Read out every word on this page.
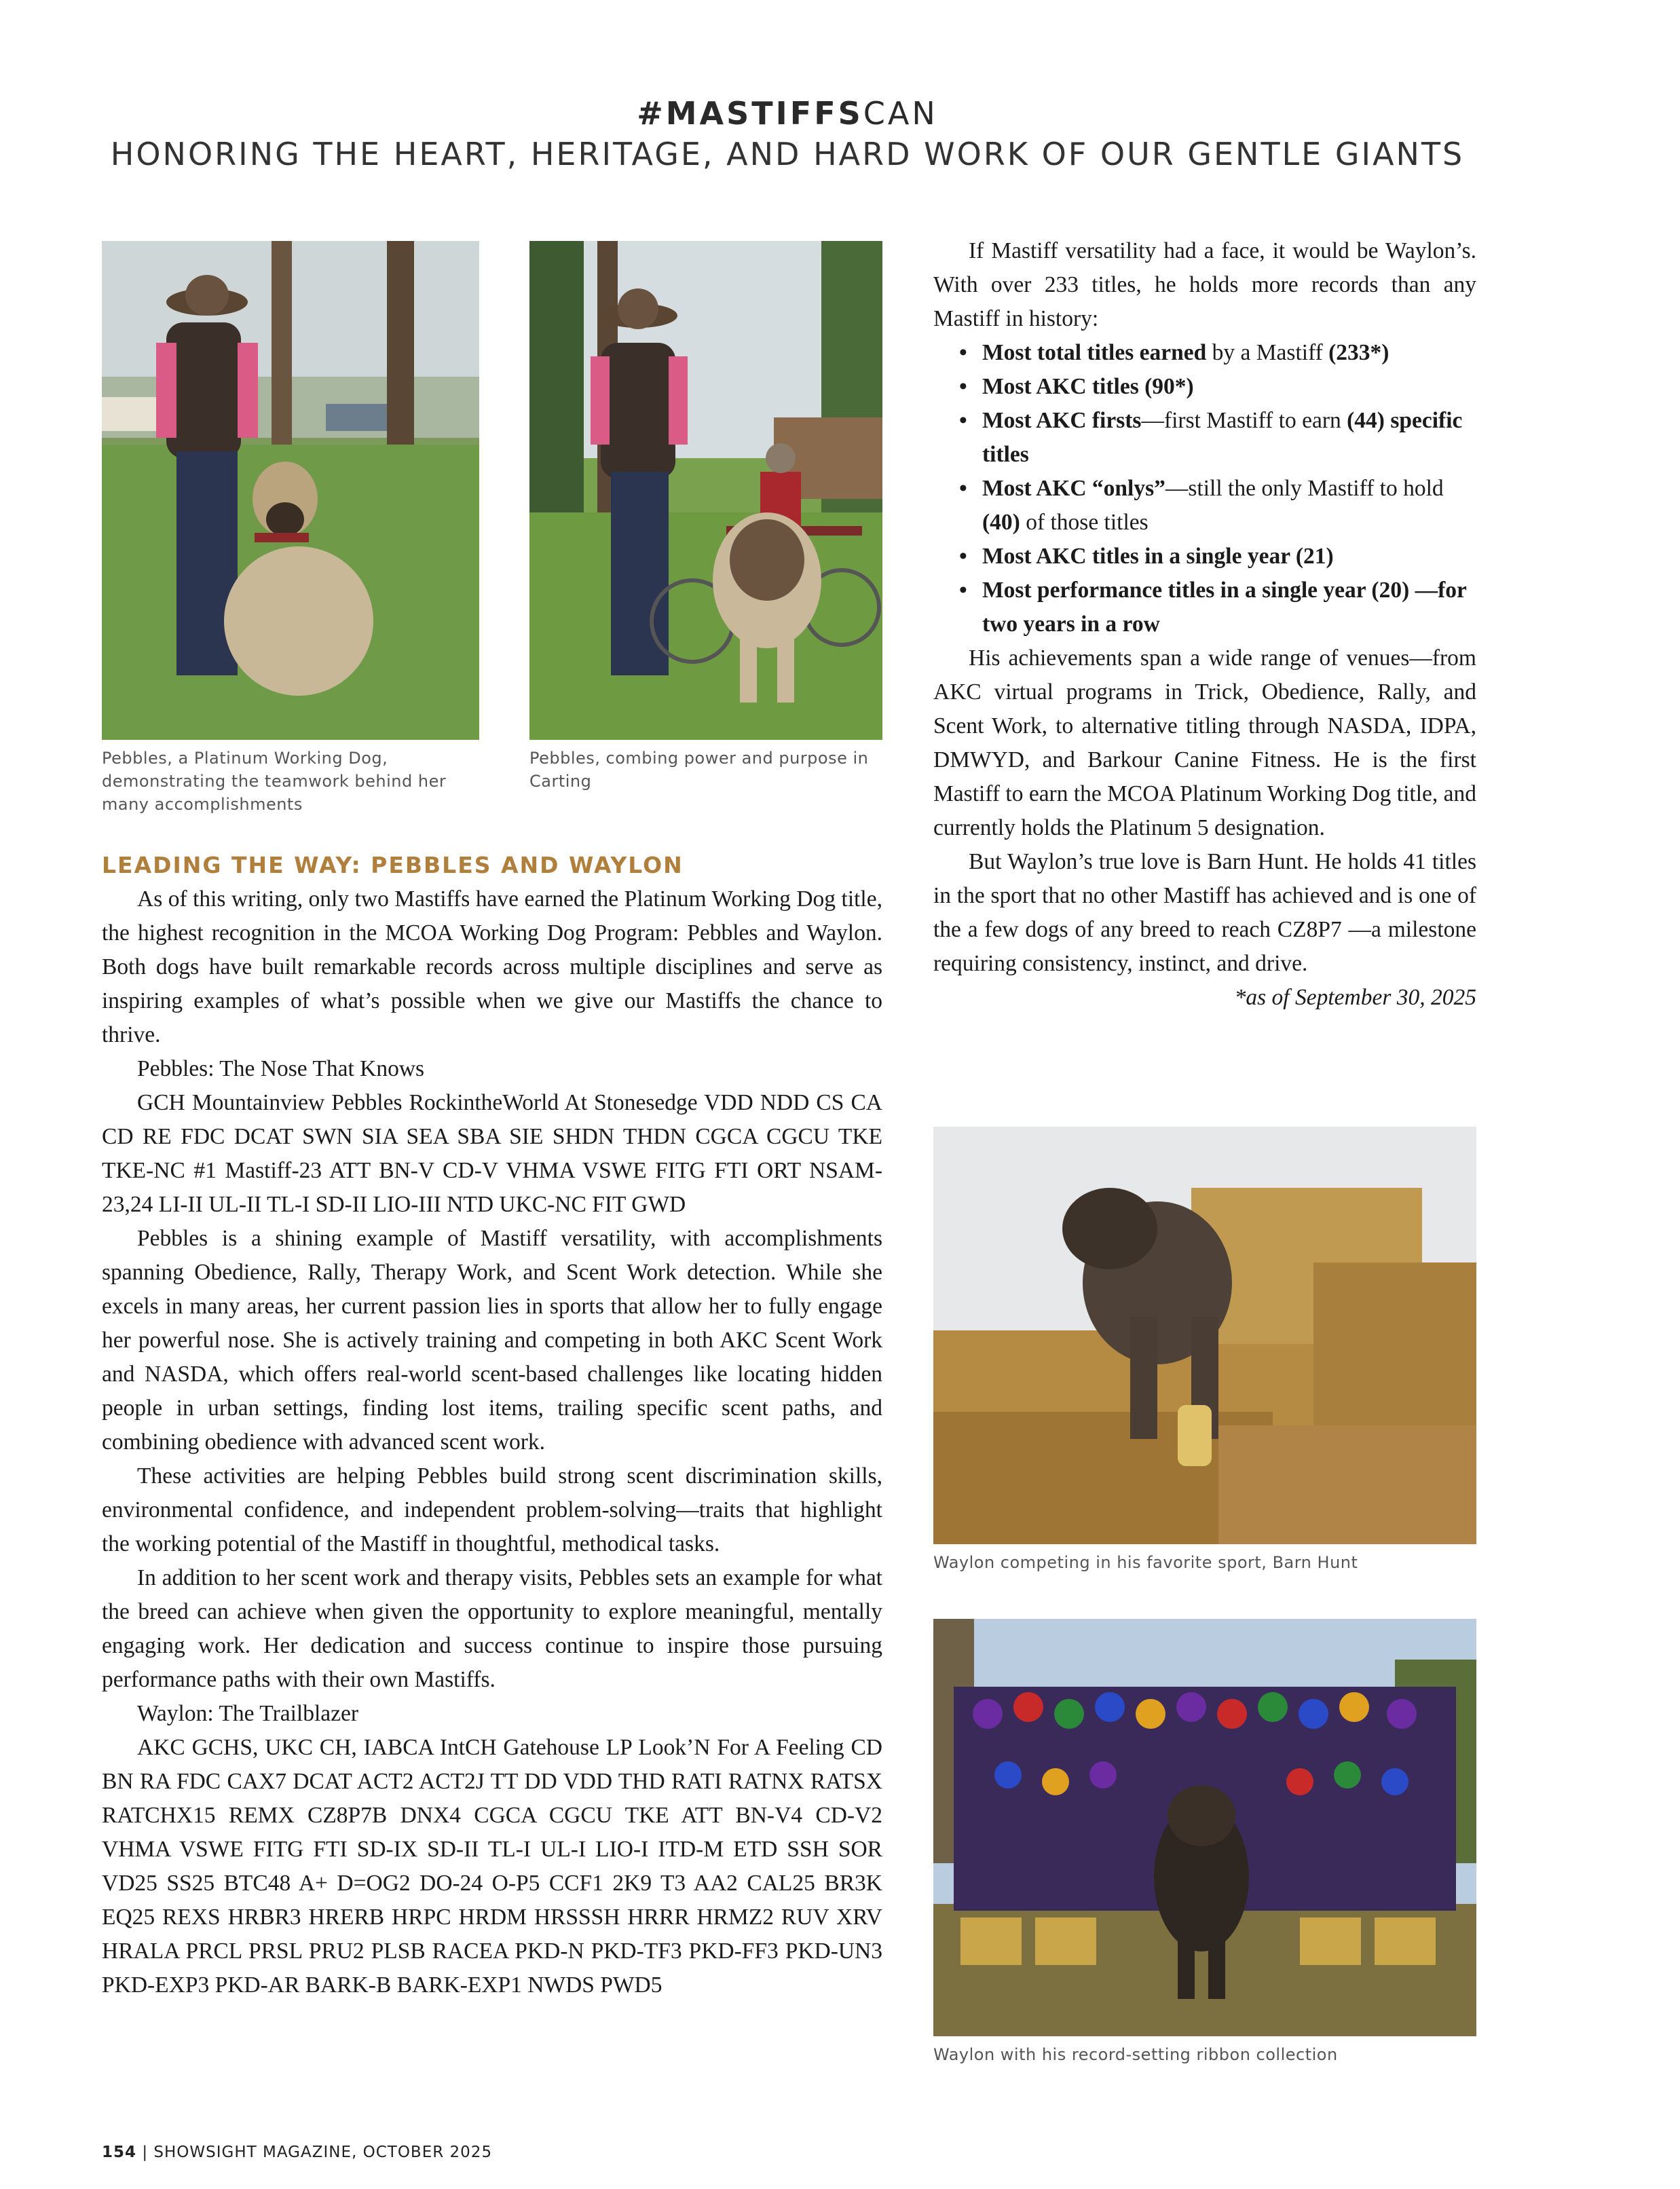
#MASTIFFSCAN
HONORING THE HEART, HERITAGE, AND HARD WORK OF OUR GENTLE GIANTS
Pebbles, a Platinum Working Dog, demonstrating the teamwork behind her many accomplishments
Pebbles, combing power and purpose in Carting
LEADING THE WAY: PEBBLES AND WAYLON

As of this writing, only two Mastiffs have earned the Platinum Working Dog title, the highest recognition in the MCOA Working Dog Program: Pebbles and Waylon. Both dogs have built remarkable records across multiple disciplines and serve as inspiring examples of what’s possible when we give our Mastiffs the chance to thrive.

Pebbles: The Nose That Knows

GCH Mountainview Pebbles RockintheWorld At Stonesedge VDD NDD CS CA CD RE FDC DCAT SWN SIA SEA SBA SIE SHDN THDN CGCA CGCU TKE TKE-NC #1 Mastiff-23 ATT BN-V CD-V VHMA VSWE FITG FTI ORT NSAM-23,24 LI-II UL-II TL-I SD-II LIO-III NTD UKC-NC FIT GWD

Pebbles is a shining example of Mastiff versatility, with accomplishments spanning Obedience, Rally, Therapy Work, and Scent Work detection. While she excels in many areas, her current passion lies in sports that allow her to fully engage her powerful nose. She is actively training and competing in both AKC Scent Work and NASDA, which offers real-world scent-based challenges like locating hidden people in urban settings, finding lost items, trailing specific scent paths, and combining obedience with advanced scent work.

These activities are helping Pebbles build strong scent discrimination skills, environmental confidence, and independent problem-solving—traits that highlight the working potential of the Mastiff in thoughtful, methodical tasks.

In addition to her scent work and therapy visits, Pebbles sets an example for what the breed can achieve when given the opportunity to explore meaningful, mentally engaging work. Her dedication and success continue to inspire those pursuing performance paths with their own Mastiffs.

Waylon: The Trailblazer

AKC GCHS, UKC CH, IABCA IntCH Gatehouse LP Look’N For A Feeling CD BN RA FDC CAX7 DCAT ACT2 ACT2J TT DD VDD THD RATI RATNX RATSX RATCHX15 REMX CZ8P7B DNX4 CGCA CGCU TKE ATT BN-V4 CD-V2 VHMA VSWE FITG FTI SD-IX SD-II TL-I UL-I LIO-I ITD-M ETD SSH SOR VD25 SS25 BTC48 A+ D=OG2 DO-24 O-P5 CCF1 2K9 T3 AA2 CAL25 BR3K EQ25 REXS HRBR3 HRERB HRPC HRDM HRSSSH HRRR HRMZ2 RUV XRV HRALA PRCL PRSL PRU2 PLSB RACEA PKD-N PKD-TF3 PKD-FF3 PKD-UN3 PKD-EXP3 PKD-AR BARK-B BARK-EXP1 NWDS PWD5

If Mastiff versatility had a face, it would be Waylon’s. With over 233 titles, he holds more records than any Mastiff in history:

• Most total titles earned by a Mastiff (233*)
• Most AKC titles (90*)
• Most AKC firsts—first Mastiff to earn (44) specific titles
• Most AKC “onlys”—still the only Mastiff to hold (40) of those titles
• Most AKC titles in a single year (21)
• Most performance titles in a single year (20) —for two years in a row

His achievements span a wide range of venues—from AKC virtual programs in Trick, Obedience, Rally, and Scent Work, to alternative titling through NASDA, IDPA, DMWYD, and Barkour Canine Fitness. He is the first Mastiff to earn the MCOA Platinum Working Dog title, and currently holds the Platinum 5 designation.

But Waylon’s true love is Barn Hunt. He holds 41 titles in the sport that no other Mastiff has achieved and is one of the a few dogs of any breed to reach CZ8P7 —a milestone requiring consistency, instinct, and drive.

*as of September 30, 2025

Waylon competing in his favorite sport, Barn Hunt
Waylon with his record-setting ribbon collection
154 | SHOWSIGHT MAGAZINE, OCTOBER 2025
